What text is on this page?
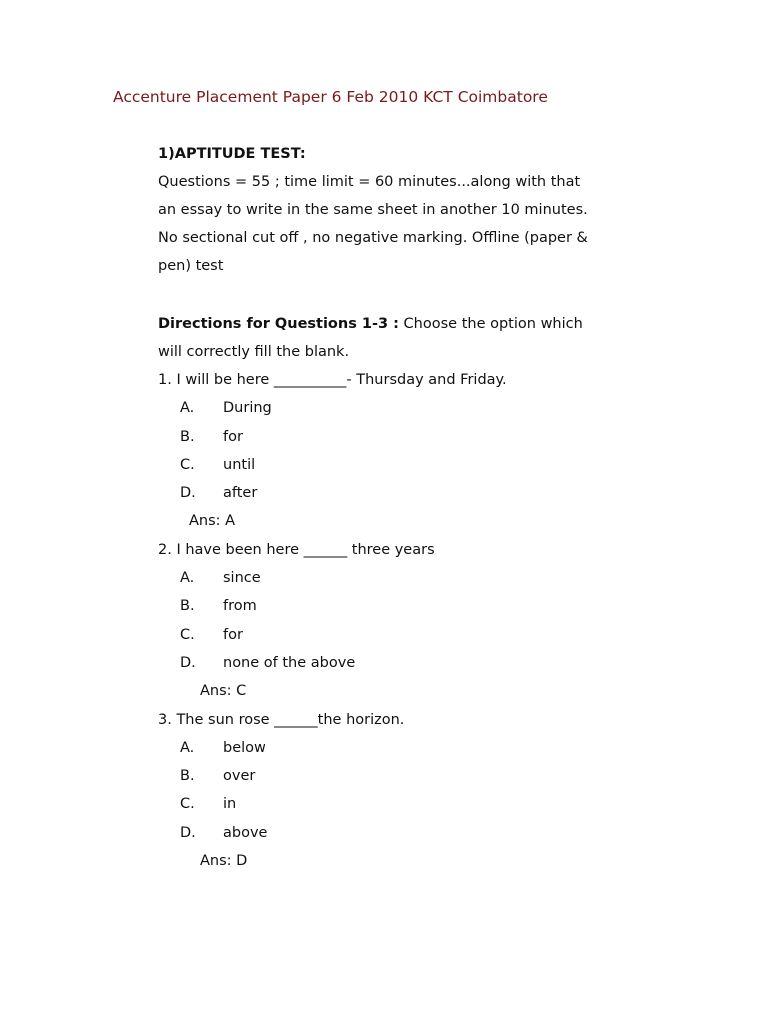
Accenture Placement Paper 6 Feb 2010 KCT Coimbatore
1)APTITUDE TEST:
Questions = 55 ; time limit = 60 minutes...along with that
an essay to write in the same sheet in another 10 minutes.
No sectional cut off , no negative marking. Offline (paper &
pen) test
Directions for Questions 1-3 : Choose the option which
will correctly fill the blank.
1. I will be here __________- Thursday and Friday.
A. During
B. for
C. until
D. after
Ans: A
2. I have been here ______ three years
A. since
B. from
C. for
D. none of the above
Ans: C
3. The sun rose ______the horizon.
A. below
B. over
C. in
D. above
Ans: D
